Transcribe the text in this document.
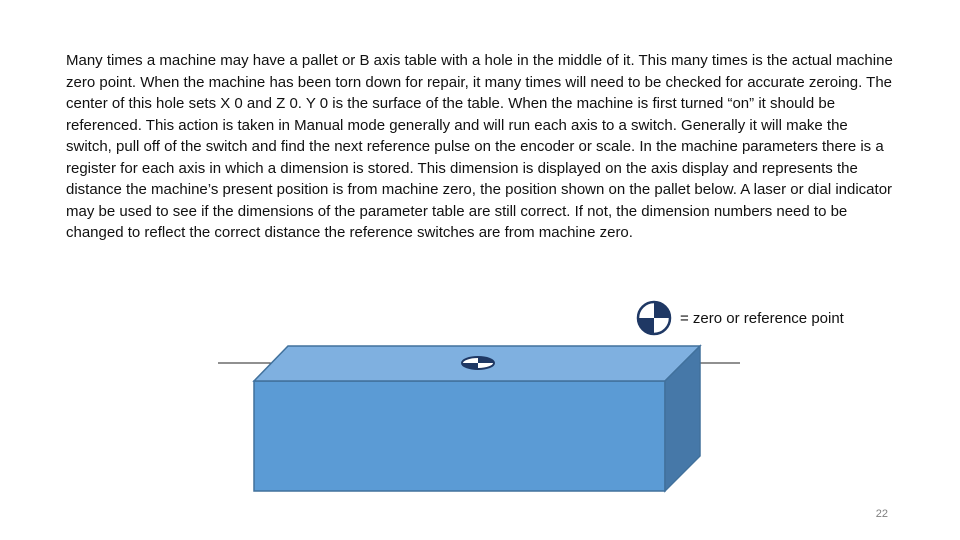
Many times a machine may have a pallet or B axis table with a hole in the middle of it. This many times is the actual machine zero point. When the machine has been torn down for repair, it many times will need to be checked for accurate zeroing. The center of this hole sets X 0 and Z 0. Y 0 is the surface of the table. When the machine is first turned “on” it should be referenced. This action is taken in Manual mode generally and will run each axis to a switch. Generally it will make the switch, pull off of the switch and find the next reference pulse on the encoder or scale. In the machine parameters there is a register for each axis in which a dimension is stored. This dimension is displayed on the axis display and represents the distance the machine’s present position is from machine zero, the position shown on the pallet below. A laser or dial indicator may be used to see if the dimensions of the parameter table are still correct. If not, the dimension numbers need to be changed to reflect the correct distance the reference switches are from machine zero.

= zero or reference point
22
